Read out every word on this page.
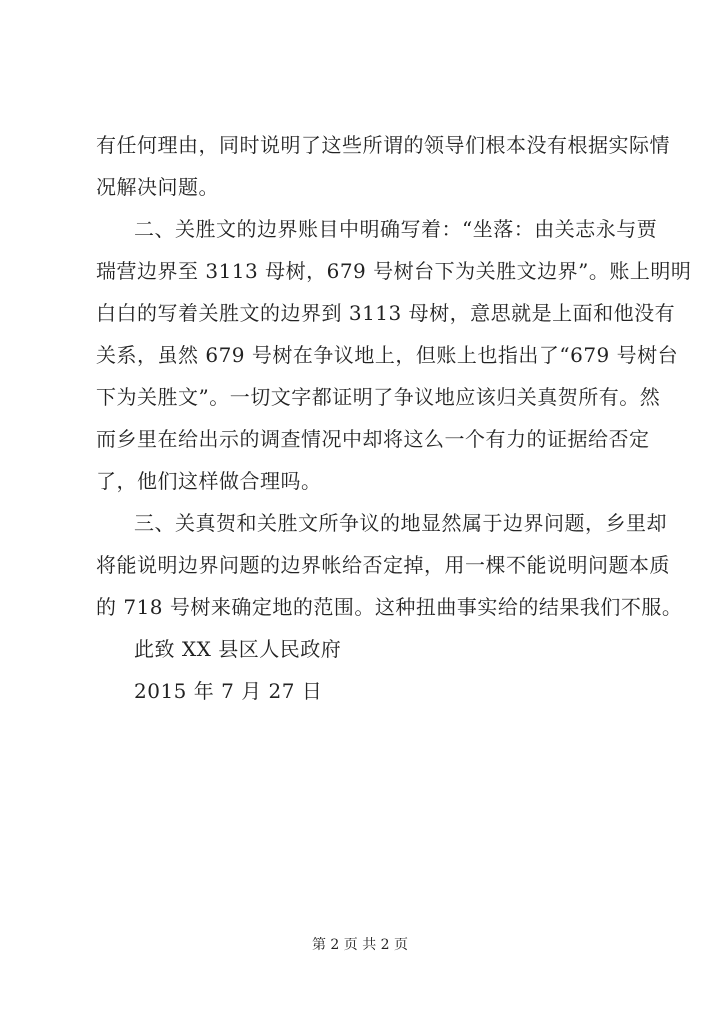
有任何理由，同时说明了这些所谓的领导们根本没有根据实际情
况解决问题。
二、关胜文的边界账目中明确写着：“坐落：由关志永与贾
瑞营边界至 3113 母树，679 号树台下为关胜文边界”。账上明明
白白的写着关胜文的边界到 3113 母树，意思就是上面和他没有
关系，虽然 679 号树在争议地上，但账上也指出了“679 号树台
下为关胜文”。一切文字都证明了争议地应该归关真贺所有。然
而乡里在给出示的调查情况中却将这么一个有力的证据给否定
了，他们这样做合理吗。
三、关真贺和关胜文所争议的地显然属于边界问题，乡里却
将能说明边界问题的边界帐给否定掉，用一棵不能说明问题本质
的 718 号树来确定地的范围。这种扭曲事实给的结果我们不服。
此致 XX 县区人民政府
2015 年 7 月 27 日
第 2 页 共 2 页
